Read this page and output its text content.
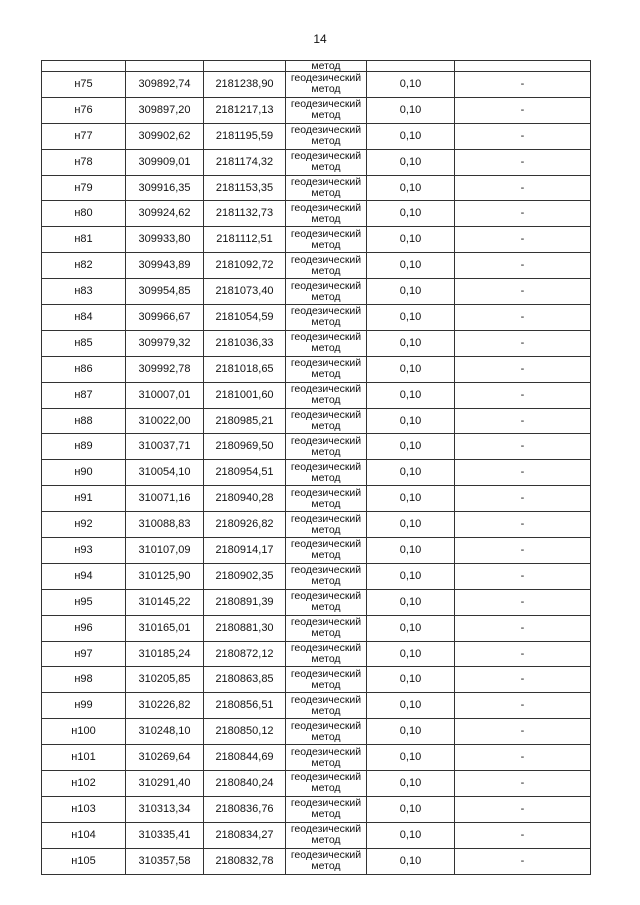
14
			метод		
н75	309892,74	2181238,90	геодезический метод	0,10	-
н76	309897,20	2181217,13	геодезический метод	0,10	-
н77	309902,62	2181195,59	геодезический метод	0,10	-
н78	309909,01	2181174,32	геодезический метод	0,10	-
н79	309916,35	2181153,35	геодезический метод	0,10	-
н80	309924,62	2181132,73	геодезический метод	0,10	-
н81	309933,80	2181112,51	геодезический метод	0,10	-
н82	309943,89	2181092,72	геодезический метод	0,10	-
н83	309954,85	2181073,40	геодезический метод	0,10	-
н84	309966,67	2181054,59	геодезический метод	0,10	-
н85	309979,32	2181036,33	геодезический метод	0,10	-
н86	309992,78	2181018,65	геодезический метод	0,10	-
н87	310007,01	2181001,60	геодезический метод	0,10	-
н88	310022,00	2180985,21	геодезический метод	0,10	-
н89	310037,71	2180969,50	геодезический метод	0,10	-
н90	310054,10	2180954,51	геодезический метод	0,10	-
н91	310071,16	2180940,28	геодезический метод	0,10	-
н92	310088,83	2180926,82	геодезический метод	0,10	-
н93	310107,09	2180914,17	геодезический метод	0,10	-
н94	310125,90	2180902,35	геодезический метод	0,10	-
н95	310145,22	2180891,39	геодезический метод	0,10	-
н96	310165,01	2180881,30	геодезический метод	0,10	-
н97	310185,24	2180872,12	геодезический метод	0,10	-
н98	310205,85	2180863,85	геодезический метод	0,10	-
н99	310226,82	2180856,51	геодезический метод	0,10	-
н100	310248,10	2180850,12	геодезический метод	0,10	-
н101	310269,64	2180844,69	геодезический метод	0,10	-
н102	310291,40	2180840,24	геодезический метод	0,10	-
н103	310313,34	2180836,76	геодезический метод	0,10	-
н104	310335,41	2180834,27	геодезический метод	0,10	-
н105	310357,58	2180832,78	геодезический метод	0,10	-
